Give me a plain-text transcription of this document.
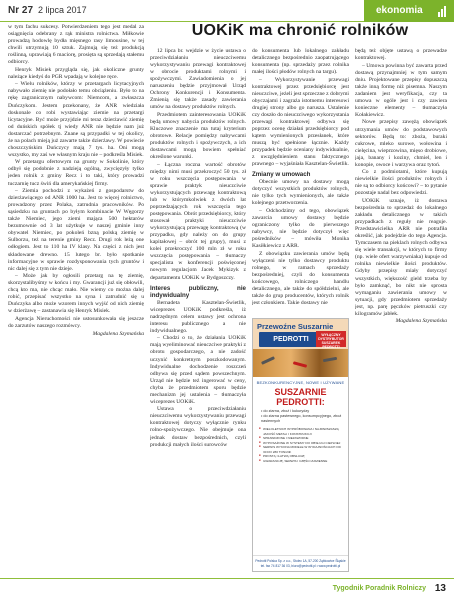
Nr 27 2 lipca 2017	ekonomia
UOKiK ma chronić rolników

w tym fachu sukcesy. Potwierdzeniem tego jest medal za osiągnięcia odebrany z rąk ministra rolnictwa. Miłkowie prowadzą hodowlę bydła mięsnego rasy limousine, w tej chwili utrzymują 10 sztuk. Zajmują się też produkcją roślinną, uprawiają 6 maciorę, prosięta są sprzedają stałemu odbiorcy.

Henryk Misiek przygląda się, jak okoliczne grunty należące kiedyś do PGR wpadają w kolejne ręce.

– Wielu rolników, którzy w przetargach licytacyjnych nabywało ziemię nie podołało temu obciążeniu. Było to na rękę zagranicznym nabywcom: Niemcom, a zwłaszcza Duńczykom. Jestem przekonany, że ANR wiedziała doskonale co robi wystawiając ziemie na przetargi licytacyjne. Być może przyjdzie mi teraz dzierżawić ziemię od duńskich spółek tj wiedy ANR nie będzie nam już dostarczać potrzebnym. Znane są przypadki w tej okolicy, że na polach mieją już zawarte także dzierżawy. W powiecie choszczyńskim Duńczycy mają 7 tys. ha. Oni mogą wszystko, my zaś we własnym kraju nie – podkreśla Misiek.

W przetargu ofertowym na grunty w Sokolinie, który odbył się podobnie z nadzieją ogólną, zwycięzyły tylko jeden rolnik z gminy Recz i to taki, który prowadzi tuczarnię tucz świń dla amerykańskiej firmy.

– Ziemia pochodzi z wykażeń z gospodarstw do dzierżawiącego od ANR 1000 ha. Jest to więcej rolnictwo, prowadzony przez Polaka, zatrudnia pracowników. Po sąsiedzku na gruntach po byłym kombinacie W Węgorzy także Niemiec, jego ziemi mająca 500 hektarów bezumownie od 3 lat użytkuje w naszej gminie inny obywatel Niemiec, po pokoleń bzną polską ziemię w Sulborzu, też na terenie gminy Recz. Drugi rok leżą one odłogiem. Jest to 110 ha IV klasy. Na części z nich jest składowane drewno. 15 lutego br. było spotkanie informacyjne w sprawie rozdysponowania tych gruntów i nic dalej się z tym nie dzieje.

– Może jak by ogłosili przetarg na tę ziemię, skorzystalibyśmy w końcu i my. Gwarancji już się obłowili, chcą kto ma, nie chcąc mało. Nie wiemy co można dalej robić, przepisać wszystko na syna i zatrudnić się u Duńczyka albo może wzorem innych wyjść od nich ziemię w dzierżawę – zastanawia się Henryk Misiek.

Agencja Nieruchomości nie ustosunkowała się jeszcze do zarzutów naszego rozmówcy.

Magdalena Szymańska

12 lipca br. wejdzie w życie ustawa o przeciwdziałaniu nieuczciwemu wykorzystywaniu przewagi kontraktowej w obrocie produktami rolnymi i spożywczymi. Zawiadomienia o jej naruszeniu będzie przyjmował Urząd Ochrony Konkurencji i Konsumenta. Zmienią się także zasady zawierania umów na dostawy produktów rolnych.

Przedmiotem zainteresowania UOKiK będą umowy nabycia produktów rolnych. Kluczowe znaczenie ma tutaj kryterium obrotowe. Relacje pomiędzy nabywcami produktów rolnych i spożywczych, a ich dostawcami mogą bowiem spełniać określone warunki.

– Łączna roczna wartość obrotów między nimi musi przekroczyć 50 tys. zł w roku wszczęcia postępowania w sprawie praktyk nieuczciwie wykorzystujących przewagę kontraktową lub w którymkolwiek z dwóch lat poprzedzających rok wszczęcia tego postępowania. Obrót przedsiębiorcy, który stosował praktyki nieuczciwie wykorzystującą przewagę kontraktową (w przypadku, gdy należy on do grupy kapitałowej – obrót tej grupy), musi z kolei przekroczyć 100 mln zł w roku wszczęcia postępowania – tłumaczy specjalista w konferencji poświęconej nowym regulacjom Jacek Mykizyk z departamentu UOKiK w Bydgoszczy.

Interes publiczny, nie indywidualny

Bernadeta Kasztelan-Świetlik, wiceprezes UOKiK podkreśla, iż nadrzędnym celem ustawy jest ochrona interesu publicznego a nie indywidualnego.

– Chodzi o to, że działania UOKiK mają wyeliminować nieuczciwe praktyki z obrotu gospodarczego, a nie zadość uczynić konkretnym poszkodowanym. Indywidualne dochodzenie roszczeń odbywa się przed sądem powszechnym. Urząd nie będzie też ingerować w ceny, chyba że przedmiotem sporu będzie mechanizm jej ustalenia – tłumaczyła wiceprezes UOKiK.

Ustawa o przeciwdziałaniu nieuczciwemu wykorzystywaniu przewagi kontraktowej dotyczy wyłącznie rynku rolno-spożywczego. Nie obejmuje ona jednak dostaw bezpośrednich, czyli produkcji małych ilości surowców

do konsumenta lub lokalnego zakładu detalicznego bezpośrednio zaopatrującego konsumenta (np. sprzedaży przez rolnika małej ilości płodów rolnych na targu).

– Wykorzystywanie przewagi kontraktowej przez przedsiębiorcę jest nieuczciwe, jeżeli jest sprzeczne z dobrymi obyczajami i zagraża istotnemu interesowi drugiej strony albo go narusza. Ustalenie czy doszło do nieuczciwego wykorzystania przewagi kontraktowej odbywa się poprzez ocenę działań przedsiębiorcy pod kątem wymienionych przesłanek, które muszą być spełnione łącznie. Każdy przypadek będzie oceniany indywidualnie, z uwzględnieniem stanu faktycznego prawnego – wyjaśniała Kasztelan-Świetlik.

Zmiany w umowach

Obecnie umowy na dostawy mogą dotyczyć wszystkich produktów rolnych, nie tylko tych wymienionych, ale także kolejnego przetworzenia.

– Odchodzimy od tego, obowiązek zawarcia umowy dostawy będzie ograniczony tylko do pierwszego nabywcy, nie będzie dotyczył więc pośredników – mówiła Monika Kasiłkiewicz z ARR.

Z obowiązku zawierania umów będą wyłączeni nie tylko dostawcy produktu rolnego, w ramach sprzedaży bezpośredniej, czyli do konsumenta końcowego, rolniczego handlu detalicznego, ale także do spółdzielni, ale także do grup producentów, których rolnik jest członkiem. Takie dostawy nie

będą też objęte ustawą o przewadze kontraktowej.

– Umowa powinna być zawarta przed dostawą przynajmniej w tym samym dniu. Projektowane przepisy dopuszczą także inną formę niż pisemna. Naszym zadaniem jest weryfikacja, czy ta umowa w ogóle jest i czy zawiera konieczne elementy – tłumaczyła Kołakiewicz.

Nowe przepisy zawężą obowiązek utrzymania umów do podstawowych sektorów. Będą to: zboża, buraki cukrowe, mleko surowe, wołowina i cielęcina, wieprzowina, mięso drobiowe, jaja, banany i koziny, chmiel, len i konopie, owoce i warzywa oraz tytoń.

Co z podmiotami, które kupują niewielkie ilości produktów rolnych i nie są to odbiorcy końcowi? – to pytanie pozostaje nadal bez odpowiedzi.

UOKiK uznaje, iż dostawa bezpośrednia to sprzedaż do lokalnego zakładu detalicznego w takich przypadkach z reguły nie reaguje. Przedstawicielka ARR nie potrafiła określić, jak podejdzie do tego Agencja. Tymczasem na pieklach rolnych odbywa się wiele transakcji, w których to firmy (np. wiele ofert warzywniaka) kupuje od rolnika niewielkie ilości produktów. Gdyby przepisy miały dotyczyć wszystkich, większość gield trzeba by było zamknąć, bo nikt nie sprosta wymaganiu zawierania umowy w sytuacji, gdy przedmiotem sprzedaży jest, np. parę pęczków pietruszki czy kilogramów jabłek.

Magdalena Szymańska

Przewoźne Suszarnie
PEDROTTI
WYŁĄCZNY DYSTRYBUTOR SUSZAREK PEDROTTI
BEZKONKURENCYJNE, NOWE I UŻYWANE
SUSZARNIE PEDROTTI:
• do ziarna, zboż i kukurydzy
• do ziarna pastewnego, konsumpcyjnego, zboż nasiennych
■ WIELOLETNICH WYPRÓBOWANA I NAJPARSZASZĄ JAKOŚĆ METALI I KONSTRUKCJI
■ SPRAWDZONE I NIEZAWODNE
■ WYPOSAŻONE W SYSTEMY DO OBSŁUGI CIEPLNEJ
■ SERWIS WYKONA MODELE W WYDAJNOŚCIACH OD 30 DO 280 TON/24h
■ PROSTĄ I ŁATWĄ OBSŁUGĘ
■ GWARANCJĘ, SERWIS I CZĘŚCI ZAMIENNE
Pedrotti Polska Sp. z o.o., Stolec 1A, 57-200 Ząbkowice Śląskie tel. fax 74 817 36 03, biuro@pedrotti.pl • www.pedrotti.pl
Tygodnik Poradnik Rolniczy 13
